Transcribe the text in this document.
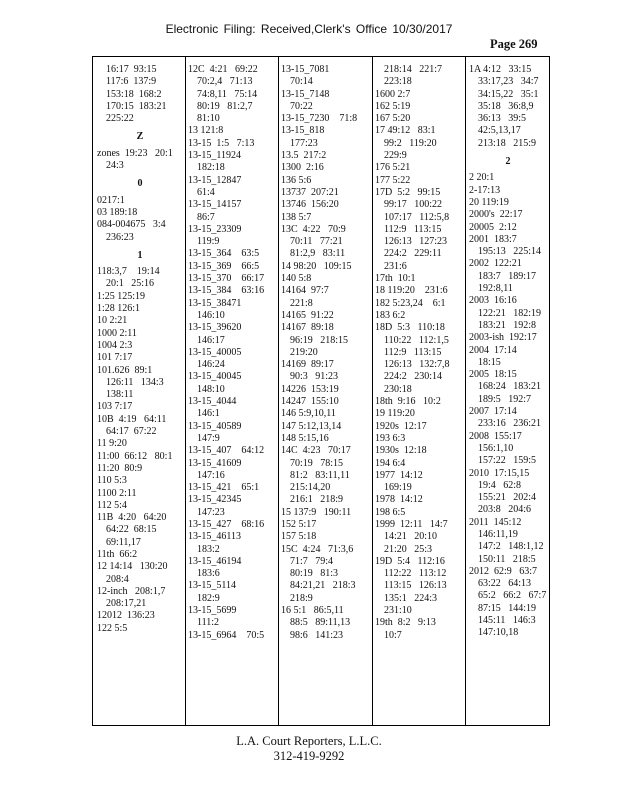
Electronic Filing: Received,Clerk's Office 10/30/2017
Page 269
16:17  93:15
117:6  137:9
153:18  168:2
170:15  183:21
225:22
Z
zones  19:23   20:1
24:3
0
0217:1
03 189:18
084-004675   3:4
236:23
1
118:3,7    19:14
20:1   25:16
1:25 125:19
1:28 126:1
10 2:21
1000 2:11
1004 2:3
101 7:17
101.626  89:1
126:11   134:3
138:11
103 7:17
10B  4:19   64:11
64:17  67:22
11 9:20
11:00  66:12   80:1
11:20  80:9
110 5:3
1100 2:11
112 5:4
11B  4:20   64:20
64:22  68:15
69:11,17
11th  66:2
12 14:14   130:20
208:4
12-inch   208:1,7
208:17,21
12012  136:23
122 5:5
12C  4:21   69:22
70:2,4   71:13
74:8,11   75:14
80:19   81:2,7
81:10
13 121:8
13-15  1:5   7:13
13-15_11924
182:18
13-15_12847
61:4
13-15_14157
86:7
13-15_23309
119:9
13-15_364    63:5
13-15_369    66:5
13-15_370    66:17
13-15_384    63:16
13-15_38471
146:10
13-15_39620
146:17
13-15_40005
146:24
13-15_40045
148:10
13-15_4044
146:1
13-15_40589
147:9
13-15_407    64:12
13-15_41609
147:16
13-15_421    65:1
13-15_42345
147:23
13-15_427    68:16
13-15_46113
183:2
13-15_46194
183:6
13-15_5114
182:9
13-15_5699
111:2
13-15_6964    70:5
13-15_7081
70:14
13-15_7148
70:22
13-15_7230    71:8
13-15_818
177:23
13.5  217:2
1300  2:16
136 5:6
13737  207:21
13746  156:20
138 5:7
13C  4:22   70:9
70:11   77:21
81:2,9   83:11
14 98:20   109:15
140 5:8
14164  97:7
221:8
14165  91:22
14167  89:18
96:19   218:15
219:20
14169  89:17
90:3   91:23
14226  153:19
14247  155:10
146 5:9,10,11
147 5:12,13,14
148 5:15,16
14C  4:23   70:17
70:19   78:15
81:2   83:11,11
215:14,20
216:1   218:9
15 137:9   190:11
152 5:17
157 5:18
15C  4:24   71:3,6
71:7   79:4
80:19   81:3
84:21,21   218:3
218:9
16 5:1   86:5,11
88:5   89:11,13
98:6   141:23
218:14   221:7
223:18
1600 2:7
162 5:19
167 5:20
17 49:12   83:1
99:2   119:20
229:9
176 5:21
177 5:22
17D  5:2   99:15
99:17   100:22
107:17   112:5,8
112:9   113:15
126:13   127:23
224:2   229:11
231:6
17th  10:1
18 119:20    231:6
182 5:23,24    6:1
183 6:2
18D  5:3   110:18
110:22   112:1,5
112:9   113:15
126:13   132:7,8
224:2   230:14
230:18
18th  9:16   10:2
19 119:20
1920s  12:17
193 6:3
1930s  12:18
194 6:4
1977  14:12
169:19
1978  14:12
198 6:5
1999  12:11   14:7
14:21   20:10
21:20   25:3
19D  5:4   112:16
112:22   113:12
113:15   126:13
135:1   224:3
231:10
19th  8:2   9:13
10:7
1A 4:12   33:15
33:17,23   34:7
34:15,22   35:1
35:18   36:8,9
36:13   39:5
42:5,13,17
213:18   215:9
2
2 20:1
2-17:13
20 119:19
2000's  22:17
20005  2:12
2001  183:7
195:13   225:14
2002  122:21
183:7   189:17
192:8,11
2003  16:16
122:21   182:19
183:21   192:8
2003-ish  192:17
2004  17:14
18:15
2005  18:15
168:24   183:21
189:5   192:7
2007  17:14
233:16   236:21
2008  155:17
156:1,10
157:22   159:5
2010  17:15,15
19:4   62:8
155:21   202:4
203:8   204:6
2011  145:12
146:11,19
147:2   148:1,12
150:11   218:5
2012  62:9   63:7
63:22   64:13
65:2   66:2   67:7
87:15   144:19
145:11   146:3
147:10,18
L.A. Court Reporters, L.L.C.
312-419-9292
